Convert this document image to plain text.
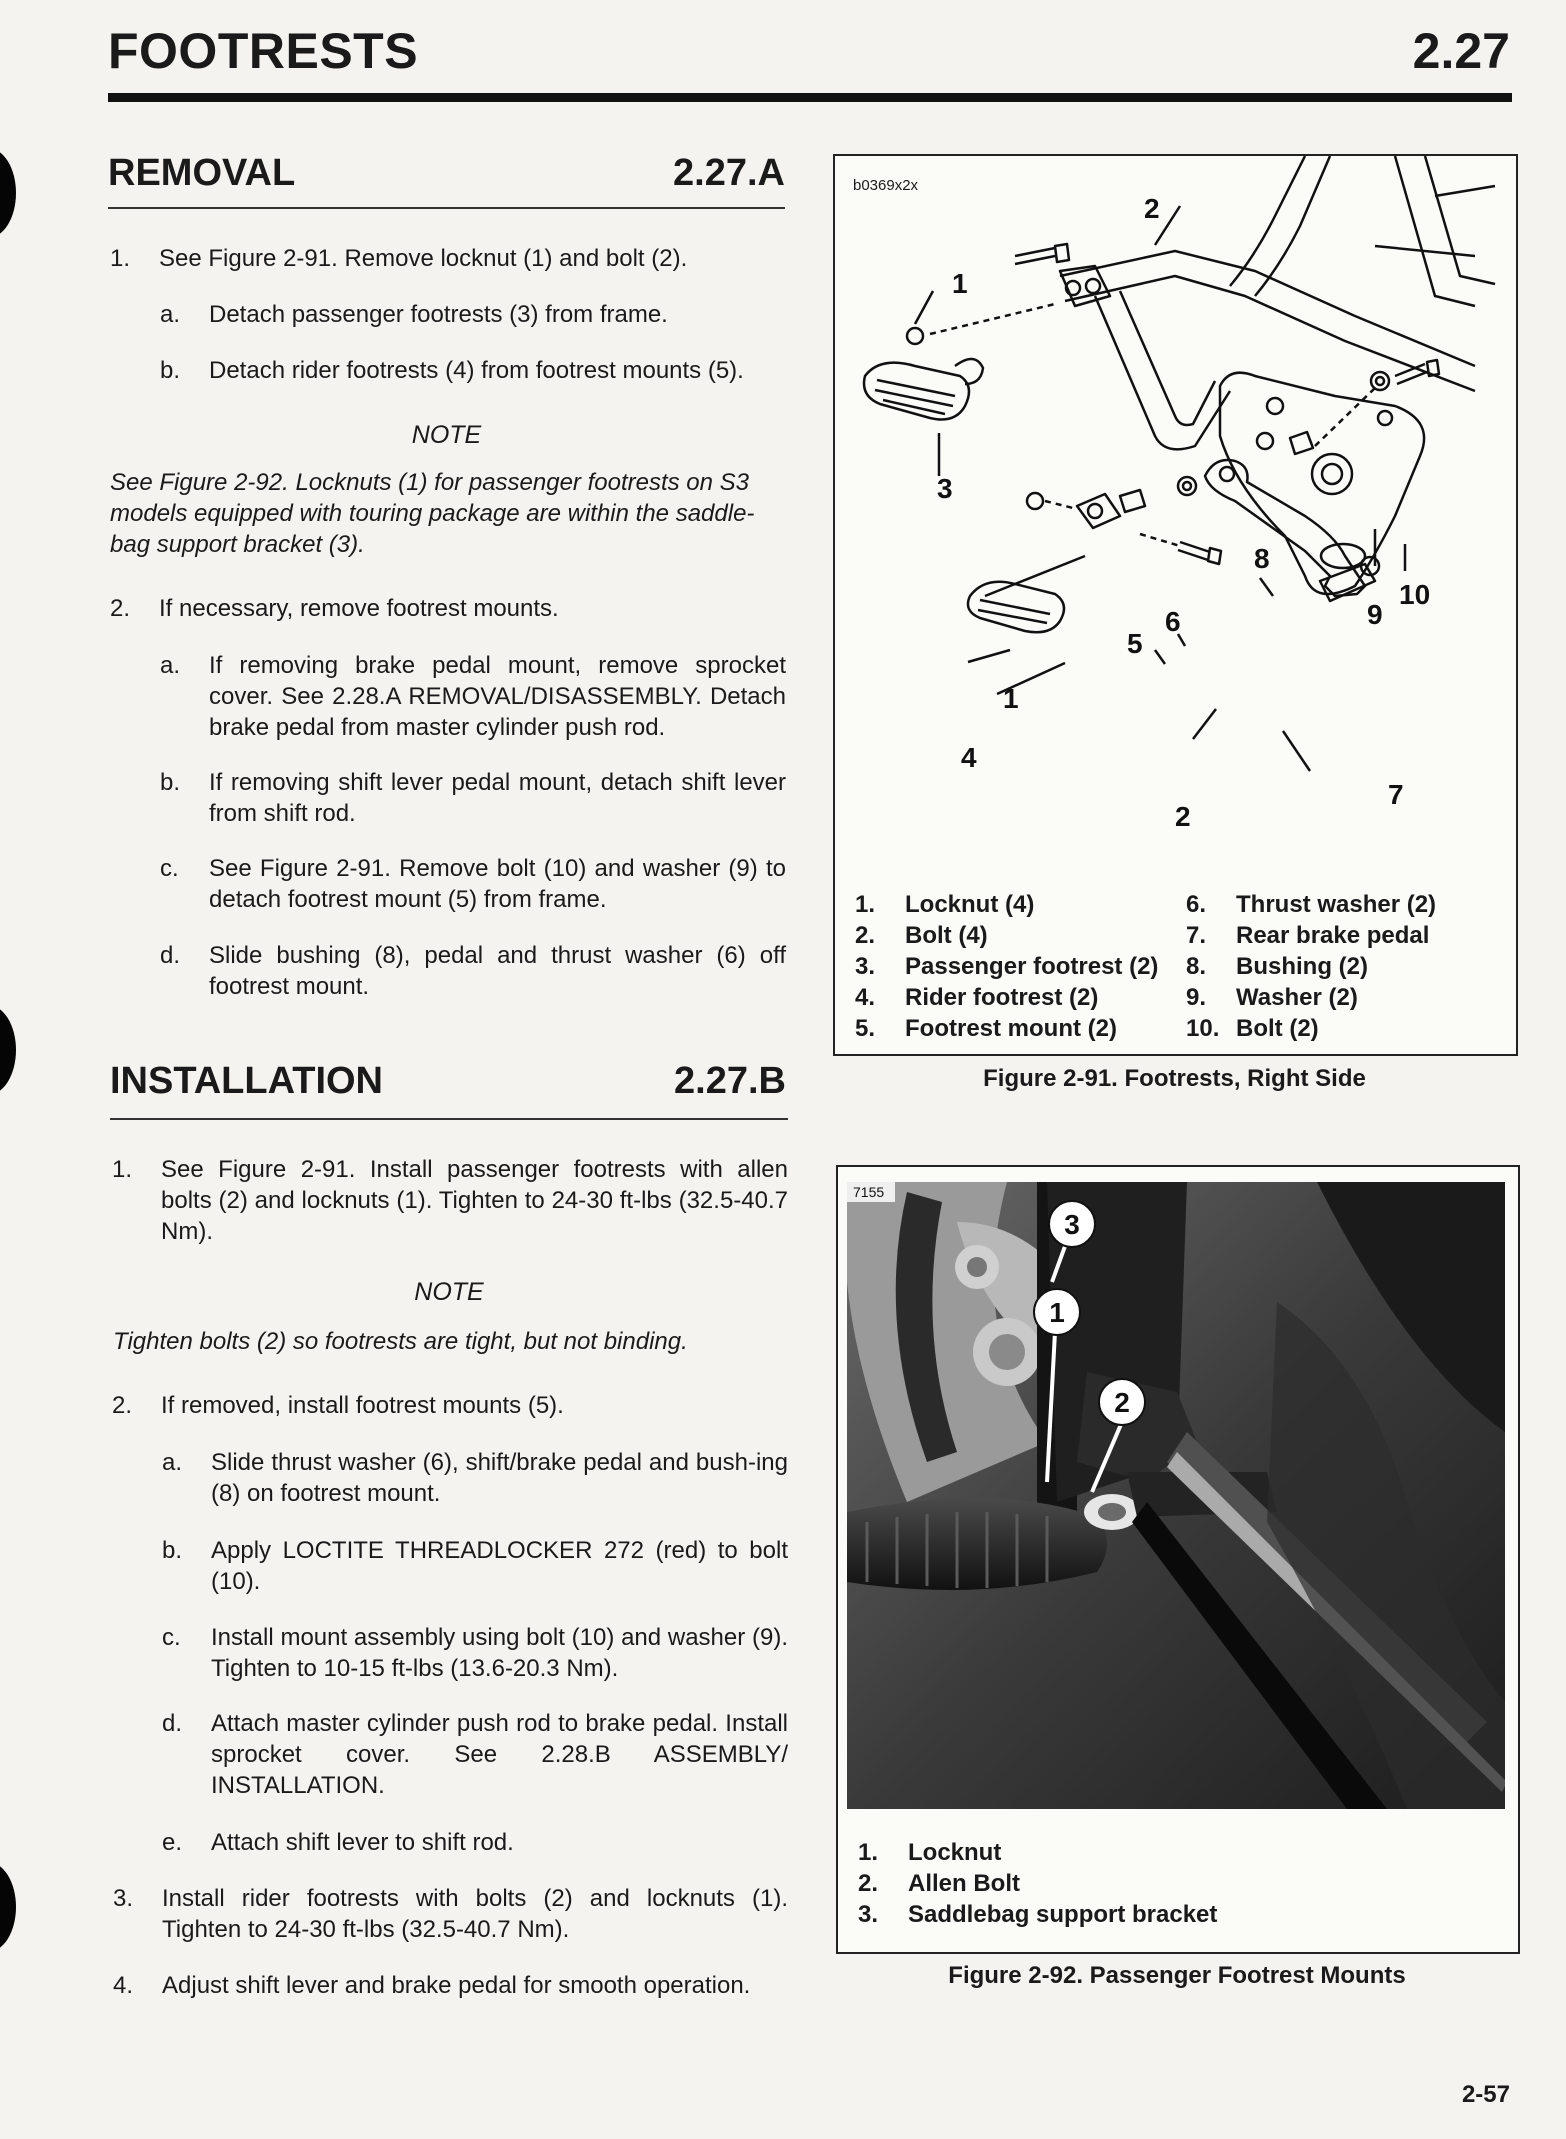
FOOTRESTS	2.27
REMOVAL	2.27.A
1. See Figure 2-91. Remove locknut (1) and bolt (2).
a. Detach passenger footrests (3) from frame.
b. Detach rider footrests (4) from footrest mounts (5).
NOTE
See Figure 2-92. Locknuts (1) for passenger footrests on S3 models equipped with touring package are within the saddle-bag support bracket (3).
2. If necessary, remove footrest mounts.
a. If removing brake pedal mount, remove sprocket cover. See 2.28.A REMOVAL/DISASSEMBLY. Detach brake pedal from master cylinder push rod.
b. If removing shift lever pedal mount, detach shift lever from shift rod.
c. See Figure 2-91. Remove bolt (10) and washer (9) to detach footrest mount (5) from frame.
d. Slide bushing (8), pedal and thrust washer (6) off footrest mount.
INSTALLATION	2.27.B
1. See Figure 2-91. Install passenger footrests with allen bolts (2) and locknuts (1). Tighten to 24-30 ft-lbs (32.5-40.7 Nm).
NOTE
Tighten bolts (2) so footrests are tight, but not binding.
2. If removed, install footrest mounts (5).
a. Slide thrust washer (6), shift/brake pedal and bush-ing (8) on footrest mount.
b. Apply LOCTITE THREADLOCKER 272 (red) to bolt (10).
c. Install mount assembly using bolt (10) and washer (9). Tighten to 10-15 ft-lbs (13.6-20.3 Nm).
d. Attach master cylinder push rod to brake pedal. Install sprocket cover. See 2.28.B ASSEMBLY/ INSTALLATION.
e. Attach shift lever to shift rod.
3. Install rider footrests with bolts (2) and locknuts (1). Tighten to 24-30 ft-lbs (32.5-40.7 Nm).
4. Adjust shift lever and brake pedal for smooth operation.
b0369x2x
1
2
3
4
5
6
7
8
9
10
1
2
1. Locknut (4)
2. Bolt (4)
3. Passenger footrest (2)
4. Rider footrest (2)
5. Footrest mount (2)
6. Thrust washer (2)
7. Rear brake pedal
8. Bushing (2)
9. Washer (2)
10. Bolt (2)
Figure 2-91. Footrests, Right Side
3
1
2
7155
1. Locknut
2. Allen Bolt
3. Saddlebag support bracket
Figure 2-92. Passenger Footrest Mounts
2-57
